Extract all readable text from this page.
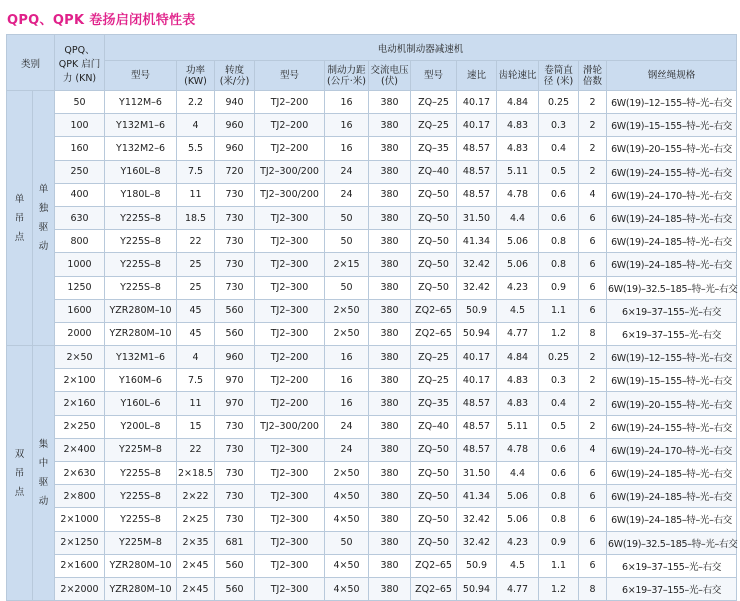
QPQ、QPK 卷扬启闭机特性表
类别		QPQ、QPK 启门力 (KN)	电动机制动器减速机											
			型号	功率 (KW)	转度 (米/分)	型号	制动力距 (公斤·米)	交流电压 (伏)	型号	速比	齿轮速比	卷筒直径 (米)	滑轮倍数	钢丝绳规格

单
吊
点	单
独
驱
动	50	Y112M–6	2.2	940	TJ2–200	16	380	ZQ–25	40.17	4.84	0.25	2	6W(19)–12–155–特–光–右交
		100	Y132M1–6	4	960	TJ2–200	16	380	ZQ–25	40.17	4.83	0.3	2	6W(19)–15–155–特–光–右交
		160	Y132M2–6	5.5	960	TJ2–200	16	380	ZQ–35	48.57	4.83	0.4	2	6W(19)–20–155–特–光–右交
		250	Y160L–8	7.5	720	TJ2–300/200	24	380	ZQ–40	48.57	5.11	0.5	2	6W(19)–24–155–特–光–右交
		400	Y180L–8	11	730	TJ2–300/200	24	380	ZQ–50	48.57	4.78	0.6	4	6W(19)–24–170–特–光–右交
		630	Y225S–8	18.5	730	TJ2–300	50	380	ZQ–50	31.50	4.4	0.6	6	6W(19)–24–185–特–光–右交
		800	Y225S–8	22	730	TJ2–300	50	380	ZQ–50	41.34	5.06	0.8	6	6W(19)–24–185–特–光–右交
		1000	Y225S–8	25	730	TJ2–300	2×15	380	ZQ–50	32.42	5.06	0.8	6	6W(19)–24–185–特–光–右交
		1250	Y225S–8	25	730	TJ2–300	50	380	ZQ–50	32.42	4.23	0.9	6	6W(19)–32.5–185–特–光–右交
		1600	YZR280M–10	45	560	TJ2–300	2×50	380	ZQ2–65	50.9	4.5	1.1	6	6×19–37–155–光–右交
		2000	YZR280M–10	45	560	TJ2–300	2×50	380	ZQ2–65	50.94	4.77	1.2	8	6×19–37–155–光–右交

双
吊
点	集
中
驱
动	2×50	Y132M1–6	4	960	TJ2–200	16	380	ZQ–25	40.17	4.84	0.25	2	6W(19)–12–155–特–光–右交
		2×100	Y160M–6	7.5	970	TJ2–200	16	380	ZQ–25	40.17	4.83	0.3	2	6W(19)–15–155–特–光–右交
		2×160	Y160L–6	11	970	TJ2–200	16	380	ZQ–35	48.57	4.83	0.4	2	6W(19)–20–155–特–光–右交
		2×250	Y200L–8	15	730	TJ2–300/200	24	380	ZQ–40	48.57	5.11	0.5	2	6W(19)–24–155–特–光–右交
		2×400	Y225M–8	22	730	TJ2–300	24	380	ZQ–50	48.57	4.78	0.6	4	6W(19)–24–170–特–光–右交
		2×630	Y225S–8	2×18.5	730	TJ2–300	2×50	380	ZQ–50	31.50	4.4	0.6	6	6W(19)–24–185–特–光–右交
		2×800	Y225S–8	2×22	730	TJ2–300	4×50	380	ZQ–50	41.34	5.06	0.8	6	6W(19)–24–185–特–光–右交
		2×1000	Y225S–8	2×25	730	TJ2–300	4×50	380	ZQ–50	32.42	5.06	0.8	6	6W(19)–24–185–特–光–右交
		2×1250	Y225M–8	2×35	681	TJ2–300	50	380	ZQ–50	32.42	4.23	0.9	6	6W(19)–32.5–185–特–光–右交
		2×1600	YZR280M–10	2×45	560	TJ2–300	4×50	380	ZQ2–65	50.9	4.5	1.1	6	6×19–37–155–光–右交
		2×2000	YZR280M–10	2×45	560	TJ2–300	4×50	380	ZQ2–65	50.94	4.77	1.2	8	6×19–37–155–光–右交
